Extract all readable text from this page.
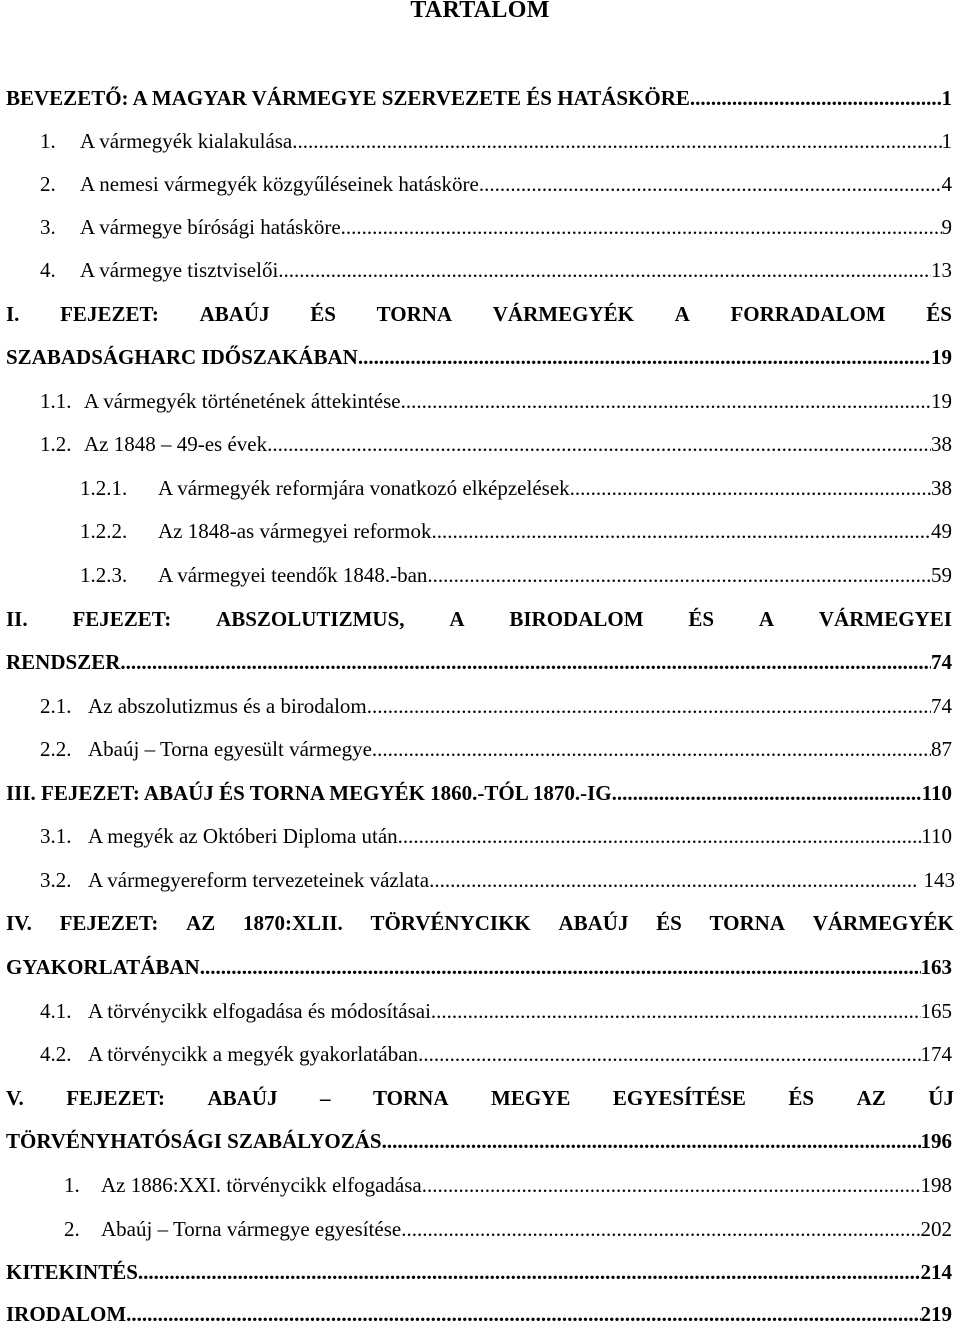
TARTALOM
BEVEZETŐ: A MAGYAR VÁRMEGYE SZERVEZETE ÉS HATÁSKÖRE .....	1
1.	A vármegyék kialakulása .....	1
2.	A nemesi vármegyék közgyűléseinek hatásköre .....	4
3.	A vármegye bírósági hatásköre .....	9
4.	A vármegye tisztviselői .....	13
I. FEJEZET: ABAÚJ ÉS TORNA VÁRMEGYÉK A FORRADALOM ÉS
SZABADSÁGHARC IDŐSZAKÁBAN .....	19
1.1. A vármegyék történetének áttekintése .....	19
1.2. Az 1848 – 49-es évek .....	38
1.2.1.	A vármegyék reformjára vonatkozó elképzelések .....	38
1.2.2.	Az 1848-as vármegyei reformok .....	49
1.2.3.	A vármegyei teendők 1848.-ban .....	59
II. FEJEZET: ABSZOLUTIZMUS, A BIRODALOM ÉS A VÁRMEGYEI
RENDSZER .....	74
2.1. Az abszolutizmus és a birodalom .....	74
2.2. Abaúj – Torna egyesült vármegye .....	87
III. FEJEZET: ABAÚJ ÉS TORNA MEGYÉK 1860.-TÓL 1870.-IG .....	110
3.1. A megyék az Októberi Diploma után .....	110
3.2. A vármegyereform tervezeteinek vázlata .....	143
IV. FEJEZET: AZ 1870:XLII. TÖRVÉNYCIKK ABAÚJ ÉS TORNA VÁRMEGYÉK
GYAKORLATÁBAN .....	163
4.1. A törvénycikk elfogadása és módosításai .....	165
4.2. A törvénycikk a megyék gyakorlatában .....	174
V. FEJEZET: ABAÚJ – TORNA MEGYE EGYESÍTÉSE ÉS AZ ÚJ
TÖRVÉNYHATÓSÁGI SZABÁLYOZÁS .....	196
1.	Az 1886:XXI. törvénycikk elfogadása .....	198
2.	Abaúj – Torna vármegye egyesítése .....	202
KITEKINTÉS .....	214
IRODALOM .....	219
